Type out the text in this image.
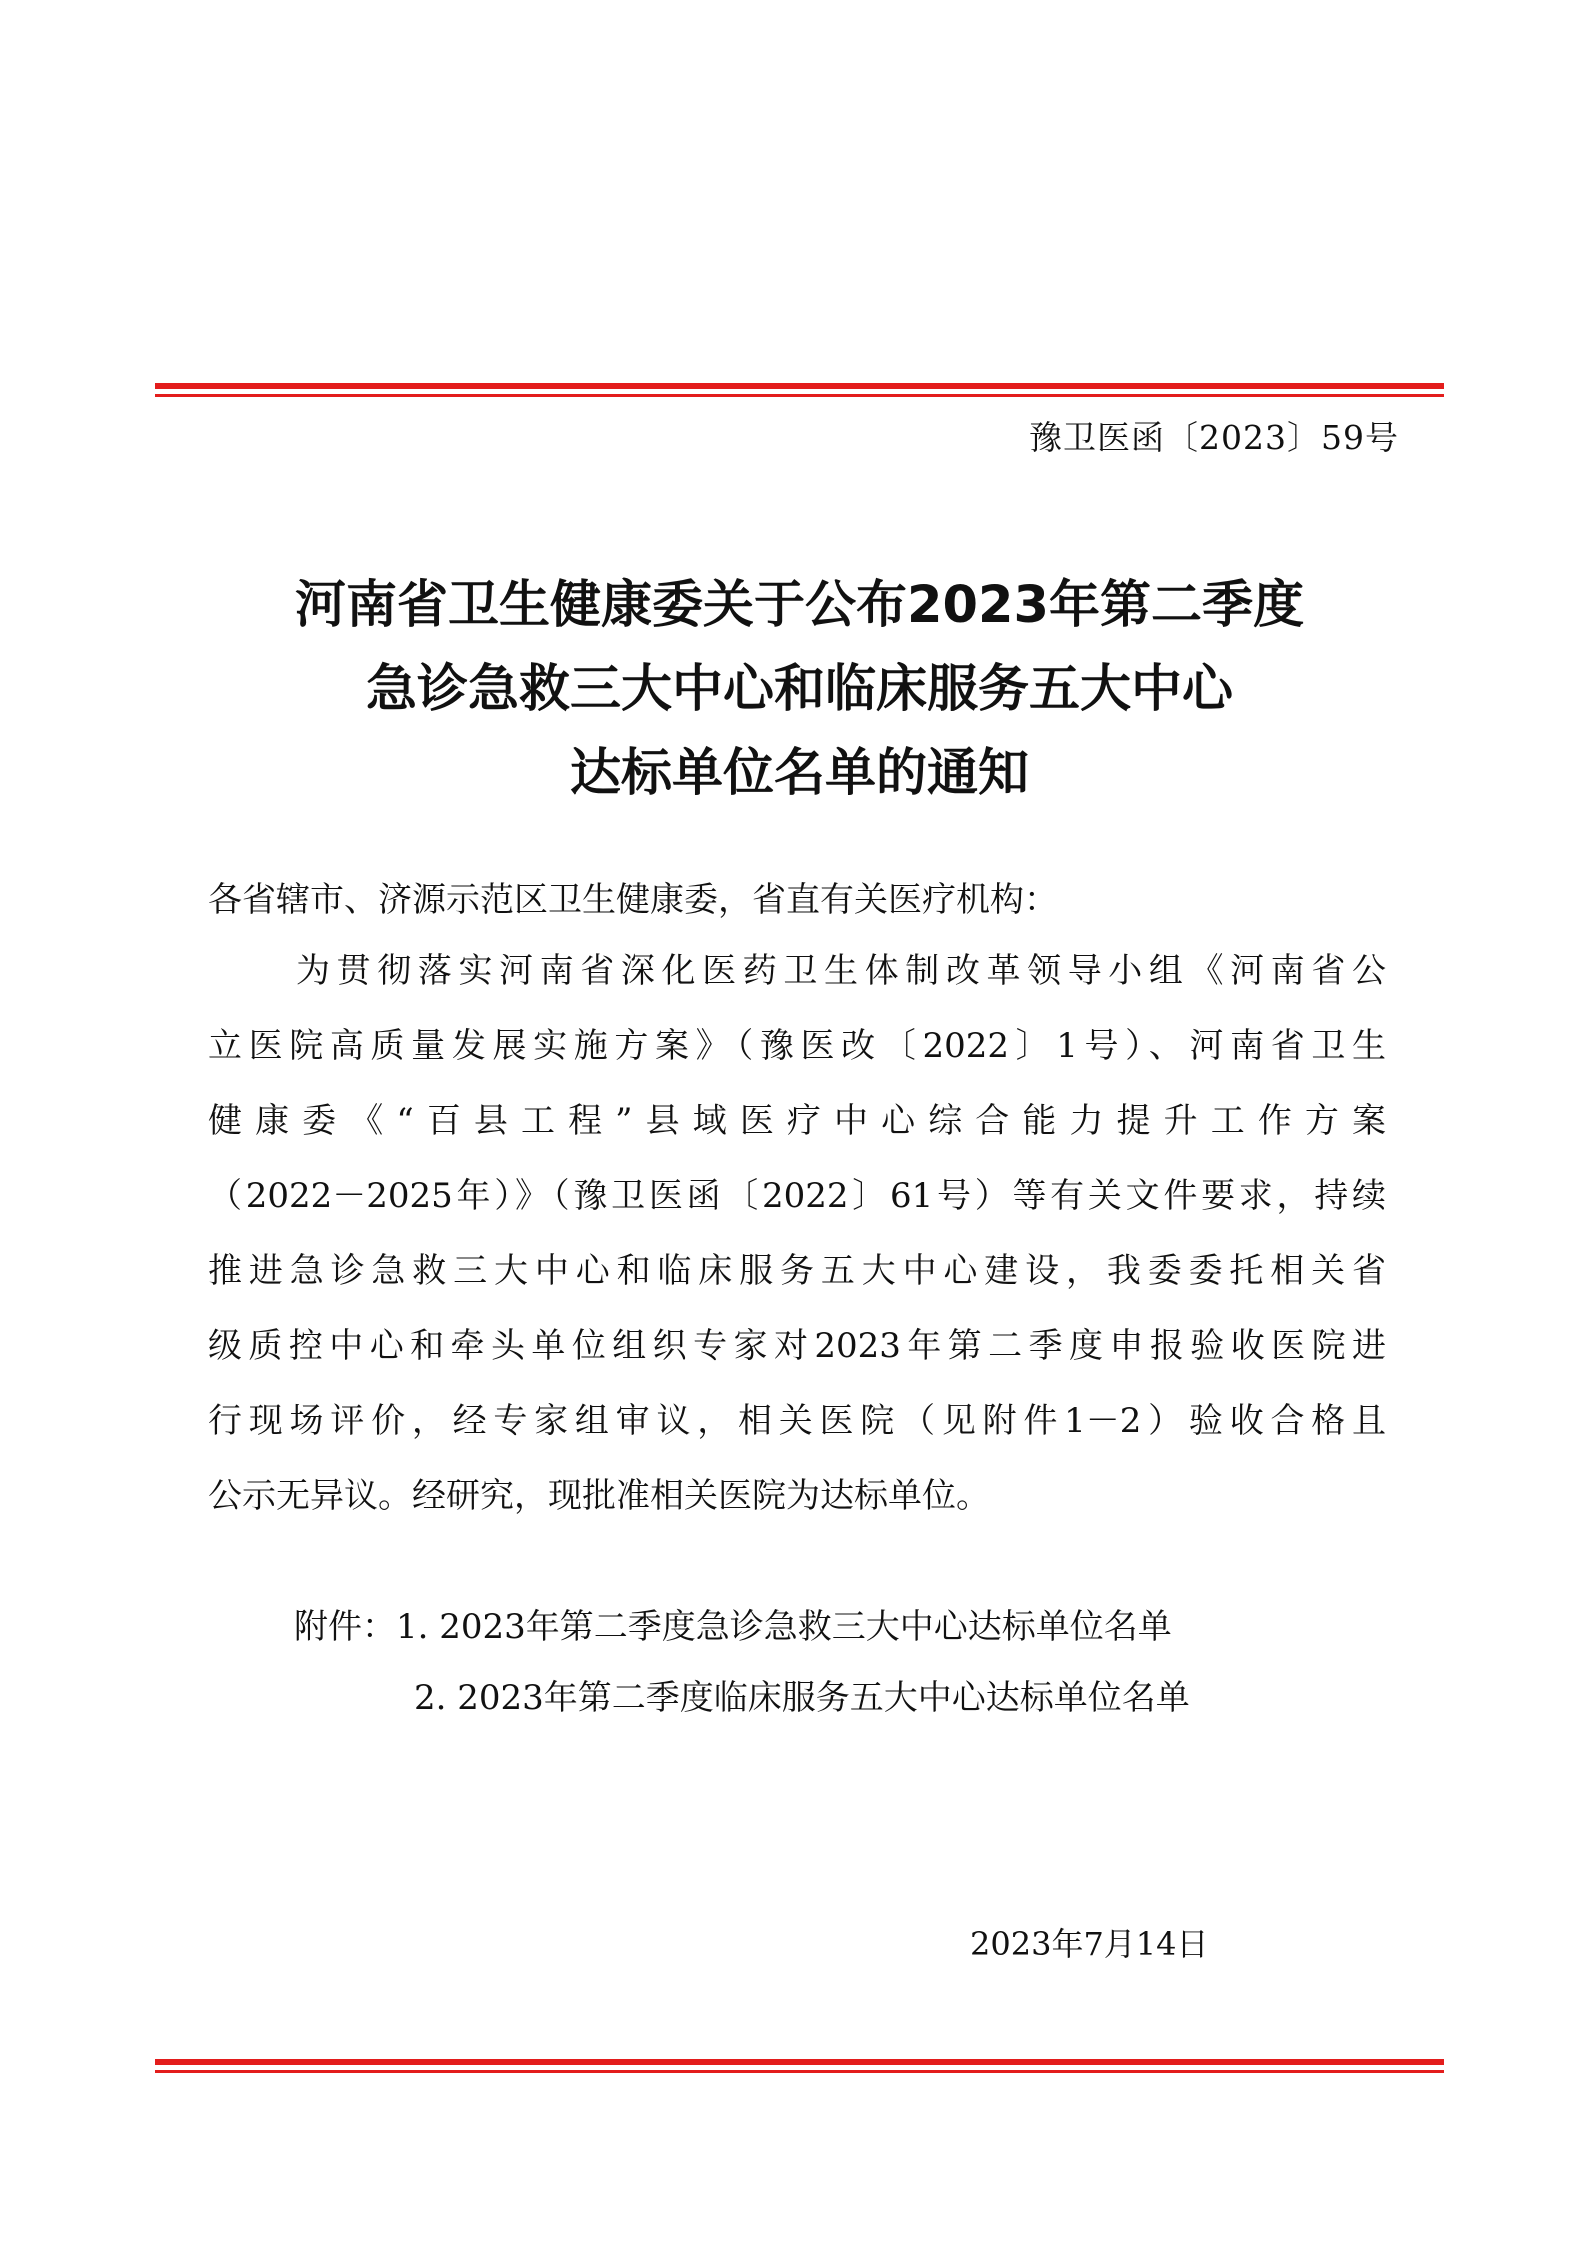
豫卫医函〔2023〕59号
河南省卫生健康委关于公布2023年第二季度
急诊急救三大中心和临床服务五大中心
达标单位名单的通知
各省辖市、济源示范区卫生健康委，省直有关医疗机构：
为贯彻落实河南省深化医药卫生体制改革领导小组《河南省公
立医院高质量发展实施方案》（豫医改〔2022〕1号）、河南省卫生
健康委《“百县工程”县域医疗中心综合能力提升工作方案
（2022－2025年）》（豫卫医函〔2022〕61号）等有关文件要求，持续
推进急诊急救三大中心和临床服务五大中心建设，我委委托相关省
级质控中心和牵头单位组织专家对2023年第二季度申报验收医院进
行现场评价，经专家组审议，相关医院（见附件1－2）验收合格且
公示无异议。经研究，现批准相关医院为达标单位。
附件：1. 2023年第二季度急诊急救三大中心达标单位名单
2. 2023年第二季度临床服务五大中心达标单位名单
2023年7月14日
